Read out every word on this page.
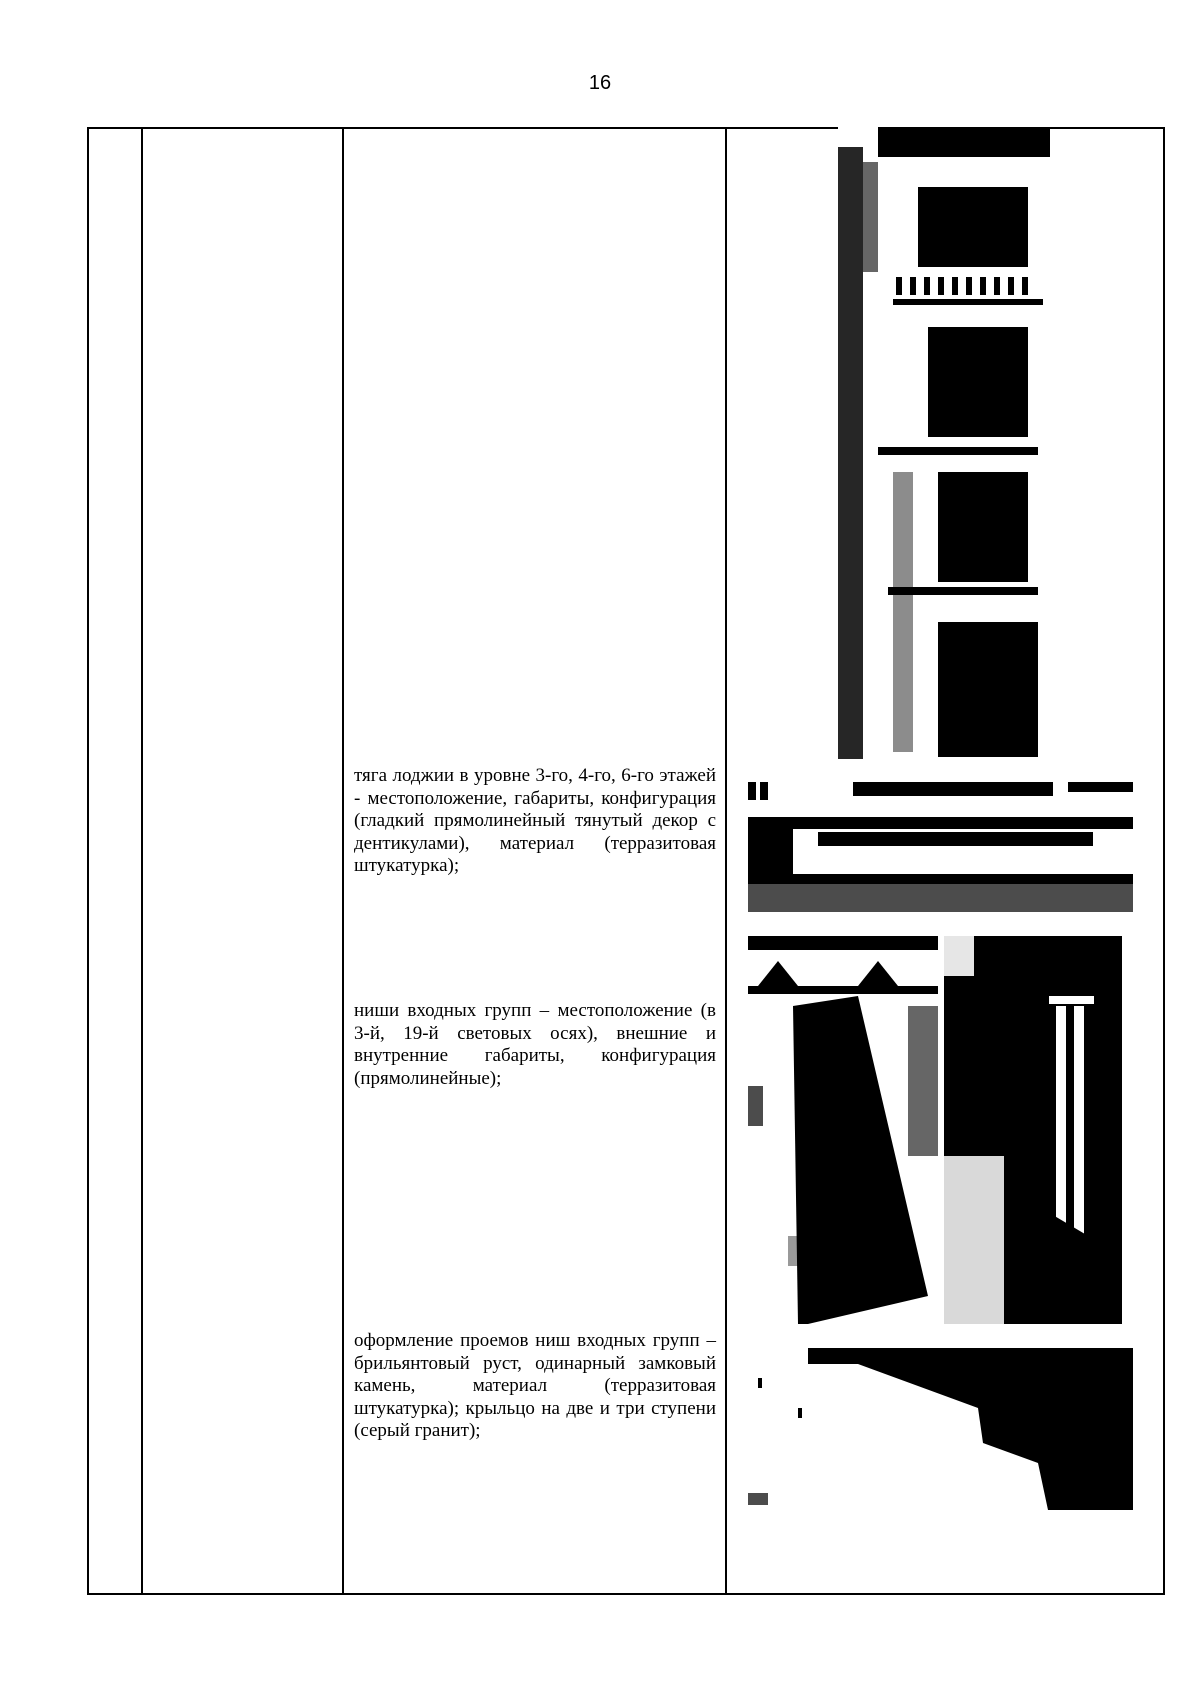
16
тяга лоджии в уровне 3-го, 4-го, 6-го этажей - местоположение, габариты, конфигурация (гладкий прямолинейный тянутый декор с дентикулами), материал (терразитовая штукатурка);
ниши входных групп – местоположение (в 3-й, 19-й световых осях), внешние и внутренние габариты, конфигурация (прямолинейные);
оформление проемов ниш входных групп – брильянтовый руст, одинарный замковый камень, материал (терразитовая штукатурка); крыльцо на две и три ступени (серый гранит);
